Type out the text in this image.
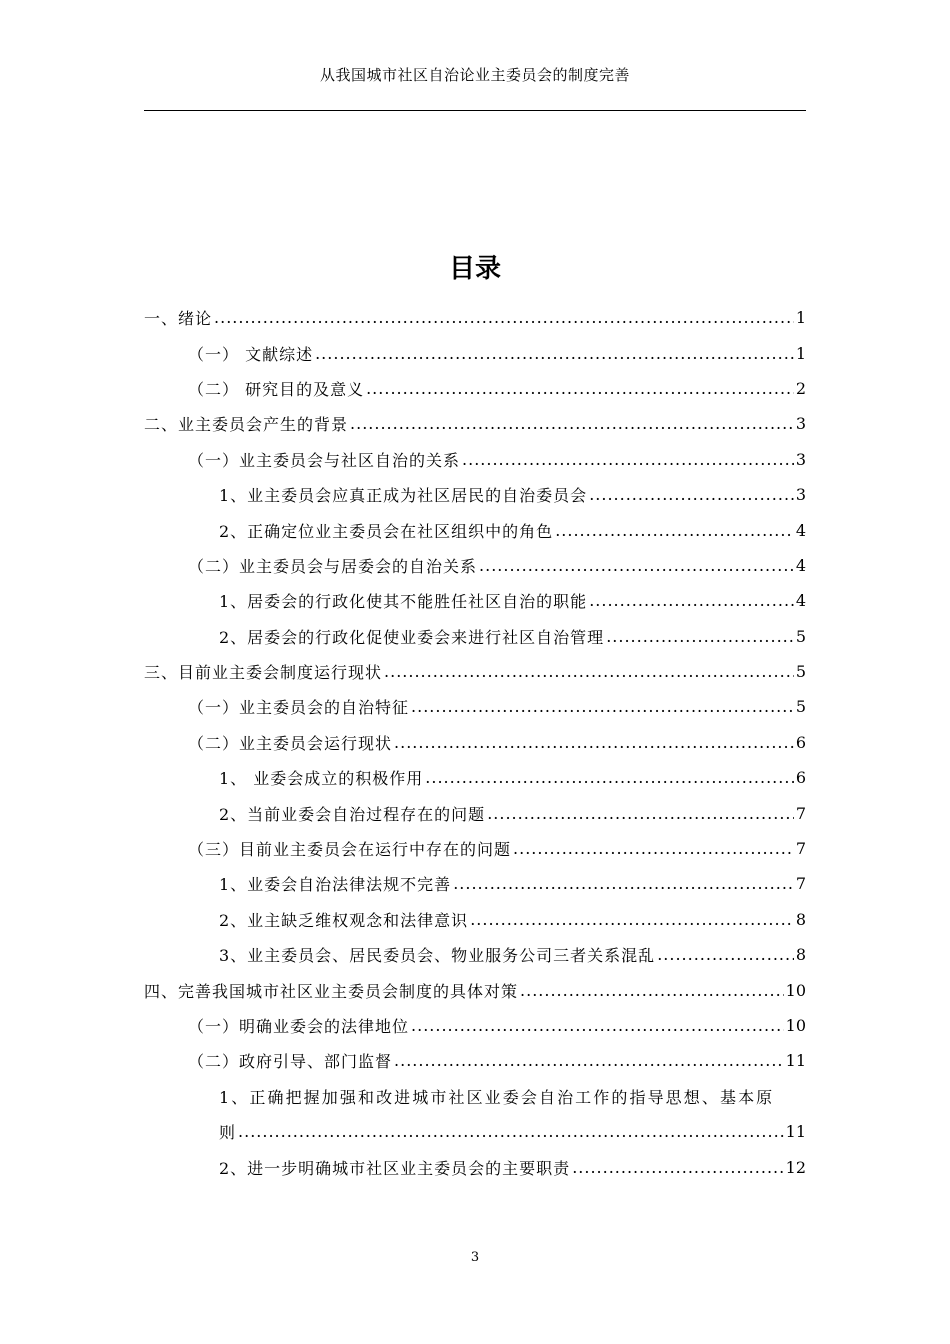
从我国城市社区自治论业主委员会的制度完善
目录
一、绪论 .....	1
（一） 文献综述 .....	1
（二） 研究目的及意义 .....	2
二、业主委员会产生的背景 .....	3
（一）业主委员会与社区自治的关系 .....	3
1、业主委员会应真正成为社区居民的自治委员会 .....	3
2、正确定位业主委员会在社区组织中的角色 .....	4
（二）业主委员会与居委会的自治关系 .....	4
1、居委会的行政化使其不能胜任社区自治的职能 .....	4
2、居委会的行政化促使业委会来进行社区自治管理 .....	5
三、目前业主委会制度运行现状 .....	5
（一）业主委员会的自治特征 .....	5
（二）业主委员会运行现状 .....	6
1、 业委会成立的积极作用 .....	6
2、当前业委会自治过程存在的问题 .....	7
（三）目前业主委员会在运行中存在的问题 .....	7
1、业委会自治法律法规不完善 .....	7
2、业主缺乏维权观念和法律意识 .....	8
3、业主委员会、居民委员会、物业服务公司三者关系混乱 .....	8
四、完善我国城市社区业主委员会制度的具体对策 .....	10
（一）明确业委会的法律地位 .....	10
（二）政府引导、部门监督 .....	11
1、正确把握加强和改进城市社区业委会自治工作的指导思想、基本原
则 .....	11
2、进一步明确城市社区业主委员会的主要职责 .....	12
3
